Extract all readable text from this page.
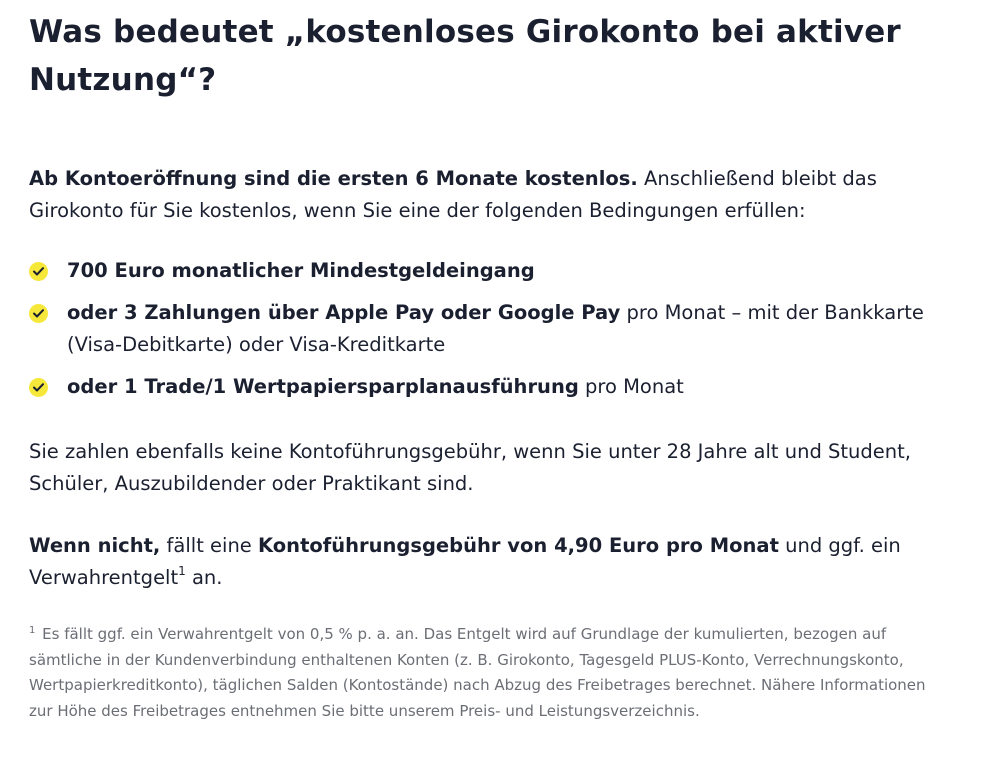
Was bedeutet „kostenloses Girokonto bei aktiver Nutzung“?

Ab Kontoeröffnung sind die ersten 6 Monate kostenlos. Anschließend bleibt das Girokonto für Sie kostenlos, wenn Sie eine der folgenden Bedingungen erfüllen:

700 Euro monatlicher Mindestgeldeingang
oder 3 Zahlungen über Apple Pay oder Google Pay pro Monat – mit der Bankkarte (Visa-Debitkarte) oder Visa-Kreditkarte
oder 1 Trade/1 Wertpapiersparplanausführung pro Monat

Sie zahlen ebenfalls keine Kontoführungsgebühr, wenn Sie unter 28 Jahre alt und Student, Schüler, Auszubildender oder Praktikant sind.

Wenn nicht, fällt eine Kontoführungsgebühr von 4,90 Euro pro Monat und ggf. ein Verwahrentgelt$^1$ an.

$^1$ Es fällt ggf. ein Verwahrentgelt von 0,5 % p. a. an. Das Entgelt wird auf Grundlage der kumulierten, bezogen auf sämtliche in der Kundenverbindung enthaltenen Konten (z. B. Girokonto, Tagesgeld PLUS-Konto, Verrechnungskonto, Wertpapierkreditkonto), täglichen Salden (Kontostände) nach Abzug des Freibetrages berechnet. Nähere Informationen zur Höhe des Freibetrages entnehmen Sie bitte unserem Preis- und Leistungsverzeichnis.
